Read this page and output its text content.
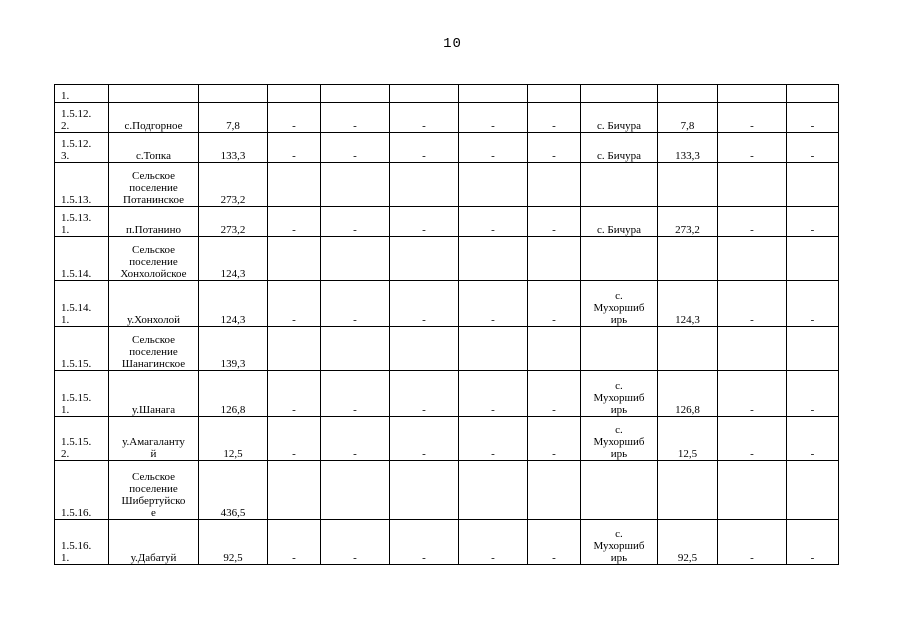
10
1.											

1.5.12.
2.	с.Подгорное	7,8	-	-	-	-	-	с. Бичура	7,8	-	-

1.5.12.
3.	с.Топка	133,3	-	-	-	-	-	с. Бичура	133,3	-	-

1.5.13.	Сельское
поселение
Потанинское	273,2									

1.5.13.
1.	п.Потанино	273,2	-	-	-	-	-	с. Бичура	273,2	-	-

1.5.14.	Сельское
поселение
Хонхолойское	124,3									

1.5.14.
1.	у.Хонхолой	124,3	-	-	-	-	-	с.
Мухоршиб
ирь	124,3	-	-

1.5.15.	Сельское
поселение
Шанагинское	139,3									

1.5.15.
1.	у.Шанага	126,8	-	-	-	-	-	с.
Мухоршиб
ирь	126,8	-	-

1.5.15.
2.	у.Амагаланту
й	12,5	-	-	-	-	-	с.
Мухоршиб
ирь	12,5	-	-

1.5.16.	Сельское
поселение
Шибертуйско
е	436,5									

1.5.16.
1.	у.Дабатуй	92,5	-	-	-	-	-	с.
Мухоршиб
ирь	92,5	-	-
